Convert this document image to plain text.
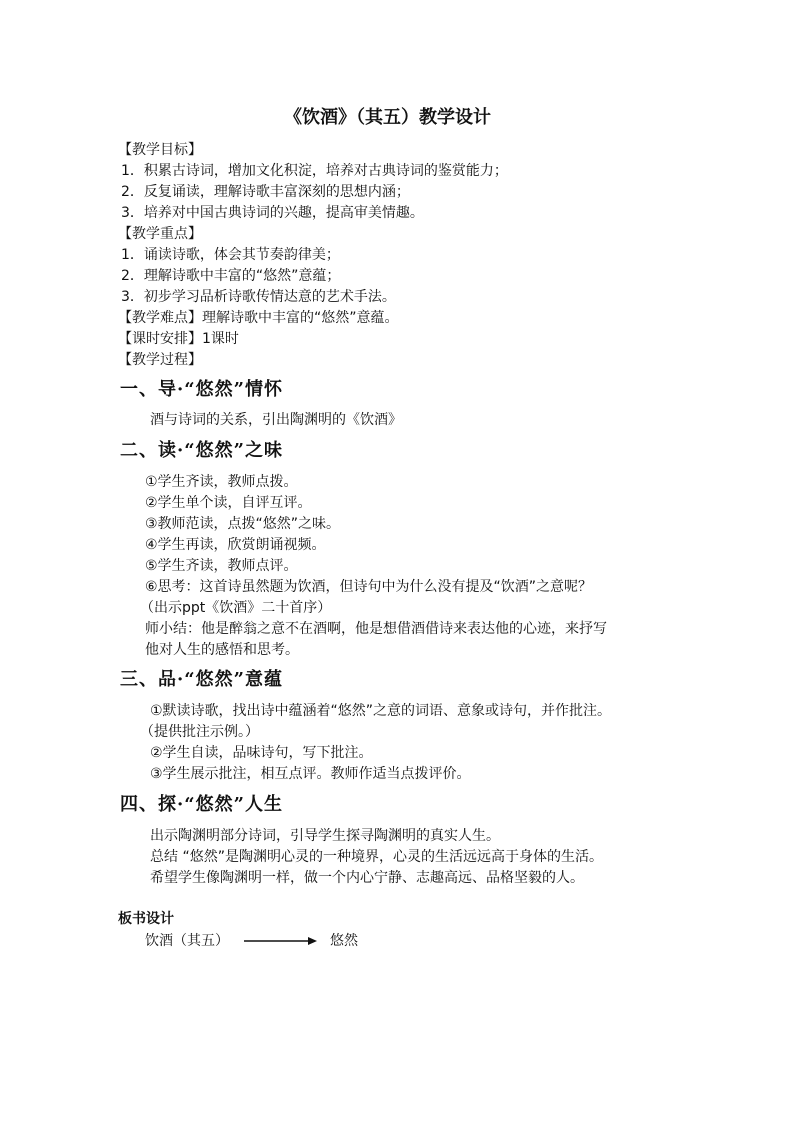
《饮酒》（其五）教学设计
【教学目标】
1．积累古诗词，增加文化积淀，培养对古典诗词的鉴赏能力；
2．反复诵读，理解诗歌丰富深刻的思想内涵；
3．培养对中国古典诗词的兴趣，提高审美情趣。
【教学重点】
1．诵读诗歌，体会其节奏韵律美；
2．理解诗歌中丰富的“悠然”意蕴；
3．初步学习品析诗歌传情达意的艺术手法。
【教学难点】理解诗歌中丰富的“悠然”意蕴。
【课时安排】1课时
【教学过程】
一、导·“悠然”情怀
酒与诗词的关系，引出陶渊明的《饮酒》
二、读·“悠然”之味
①学生齐读，教师点拨。
②学生单个读，自评互评。
③教师范读，点拨“悠然”之味。
④学生再读，欣赏朗诵视频。
⑤学生齐读，教师点评。
⑥思考：这首诗虽然题为饮酒，但诗句中为什么没有提及“饮酒”之意呢？
（出示ppt《饮酒》二十首序）
师小结：他是醉翁之意不在酒啊，他是想借酒借诗来表达他的心迹，来抒写
他对人生的感悟和思考。
三、品·“悠然”意蕴
①默读诗歌，找出诗中蕴涵着“悠然”之意的词语、意象或诗句，并作批注。
（提供批注示例。）
②学生自读，品味诗句，写下批注。
③学生展示批注，相互点评。教师作适当点拨评价。
四、探·“悠然”人生
出示陶渊明部分诗词，引导学生探寻陶渊明的真实人生。
总结 “悠然”是陶渊明心灵的一种境界，心灵的生活远远高于身体的生活。
希望学生像陶渊明一样，做一个内心宁静、志趣高远、品格坚毅的人。
板书设计
饮酒（其五）	悠然
